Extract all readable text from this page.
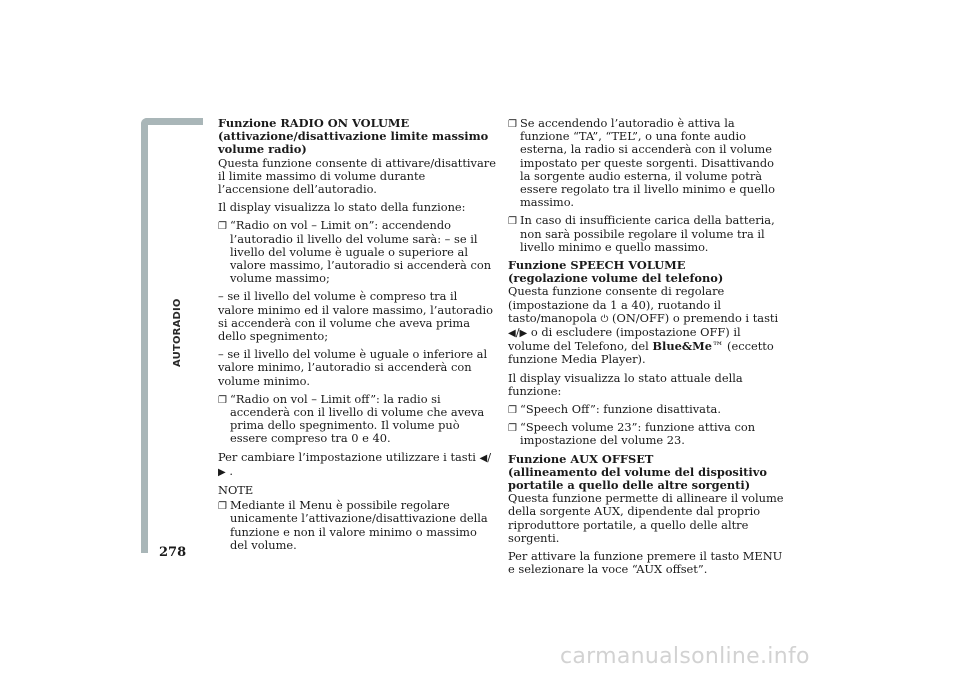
AUTORADIO
278
Funzione RADIO ON VOLUME

(attivazione/disattivazione limite massimo volume radio)

Questa funzione consente di attivare/disattivare il limite massimo di volume durante l’accensione dell’autoradio.

Il display visualizza lo stato della funzione:

❐ “Radio on vol – Limit on”: accendendo l’autoradio il livello del volume sarà: – se il livello del volume è uguale o superiore al valore massimo, l’autoradio si accenderà con volume massimo;

– se il livello del volume è compreso tra il valore minimo ed il valore massimo, l’autoradio si accenderà con il volume che aveva prima dello spegnimento;

– se il livello del volume è uguale o inferiore al valore minimo, l’autoradio si accenderà con volume minimo.

❐ “Radio on vol – Limit off”: la radio si accenderà con il livello di volume che aveva prima dello spegnimento. Il volume può essere compreso tra 0 e 40.

Per cambiare l’impostazione utilizzare i tasti ◀/
▶ .

NOTE

❐ Mediante il Menu è possibile regolare unicamente l’attivazione/disattivazione della funzione e non il valore minimo o massimo del volume.
❐ Se accendendo l’autoradio è attiva la funzione “TA”, “TEL”, o una fonte audio esterna, la radio si accenderà con il volume impostato per queste sorgenti. Disattivando la sorgente audio esterna, il volume potrà essere regolato tra il livello minimo e quello massimo.
❐ In caso di insufficiente carica della batteria, non sarà possibile regolare il volume tra il livello minimo e quello massimo.
Funzione SPEECH VOLUME

(regolazione volume del telefono)

Questa funzione consente di regolare (impostazione da 1 a 40), ruotando il tasto/manopola ⏻ (ON/OFF) o premendo i tasti
◀/▶ o di escludere (impostazione OFF) il volume del Telefono, del Blue&Me™ (eccetto funzione Media Player).

Il display visualizza lo stato attuale della funzione:

❐ “Speech Off”: funzione disattivata.
❐ “Speech volume 23”: funzione attiva con impostazione del volume 23.
Funzione AUX OFFSET

(allineamento del volume del dispositivo portatile a quello delle altre sorgenti)

Questa funzione permette di allineare il volume della sorgente AUX, dipendente dal proprio riproduttore portatile, a quello delle altre sorgenti.

Per attivare la funzione premere il tasto MENU e selezionare la voce “AUX offset”.

carmanualsonline.info
